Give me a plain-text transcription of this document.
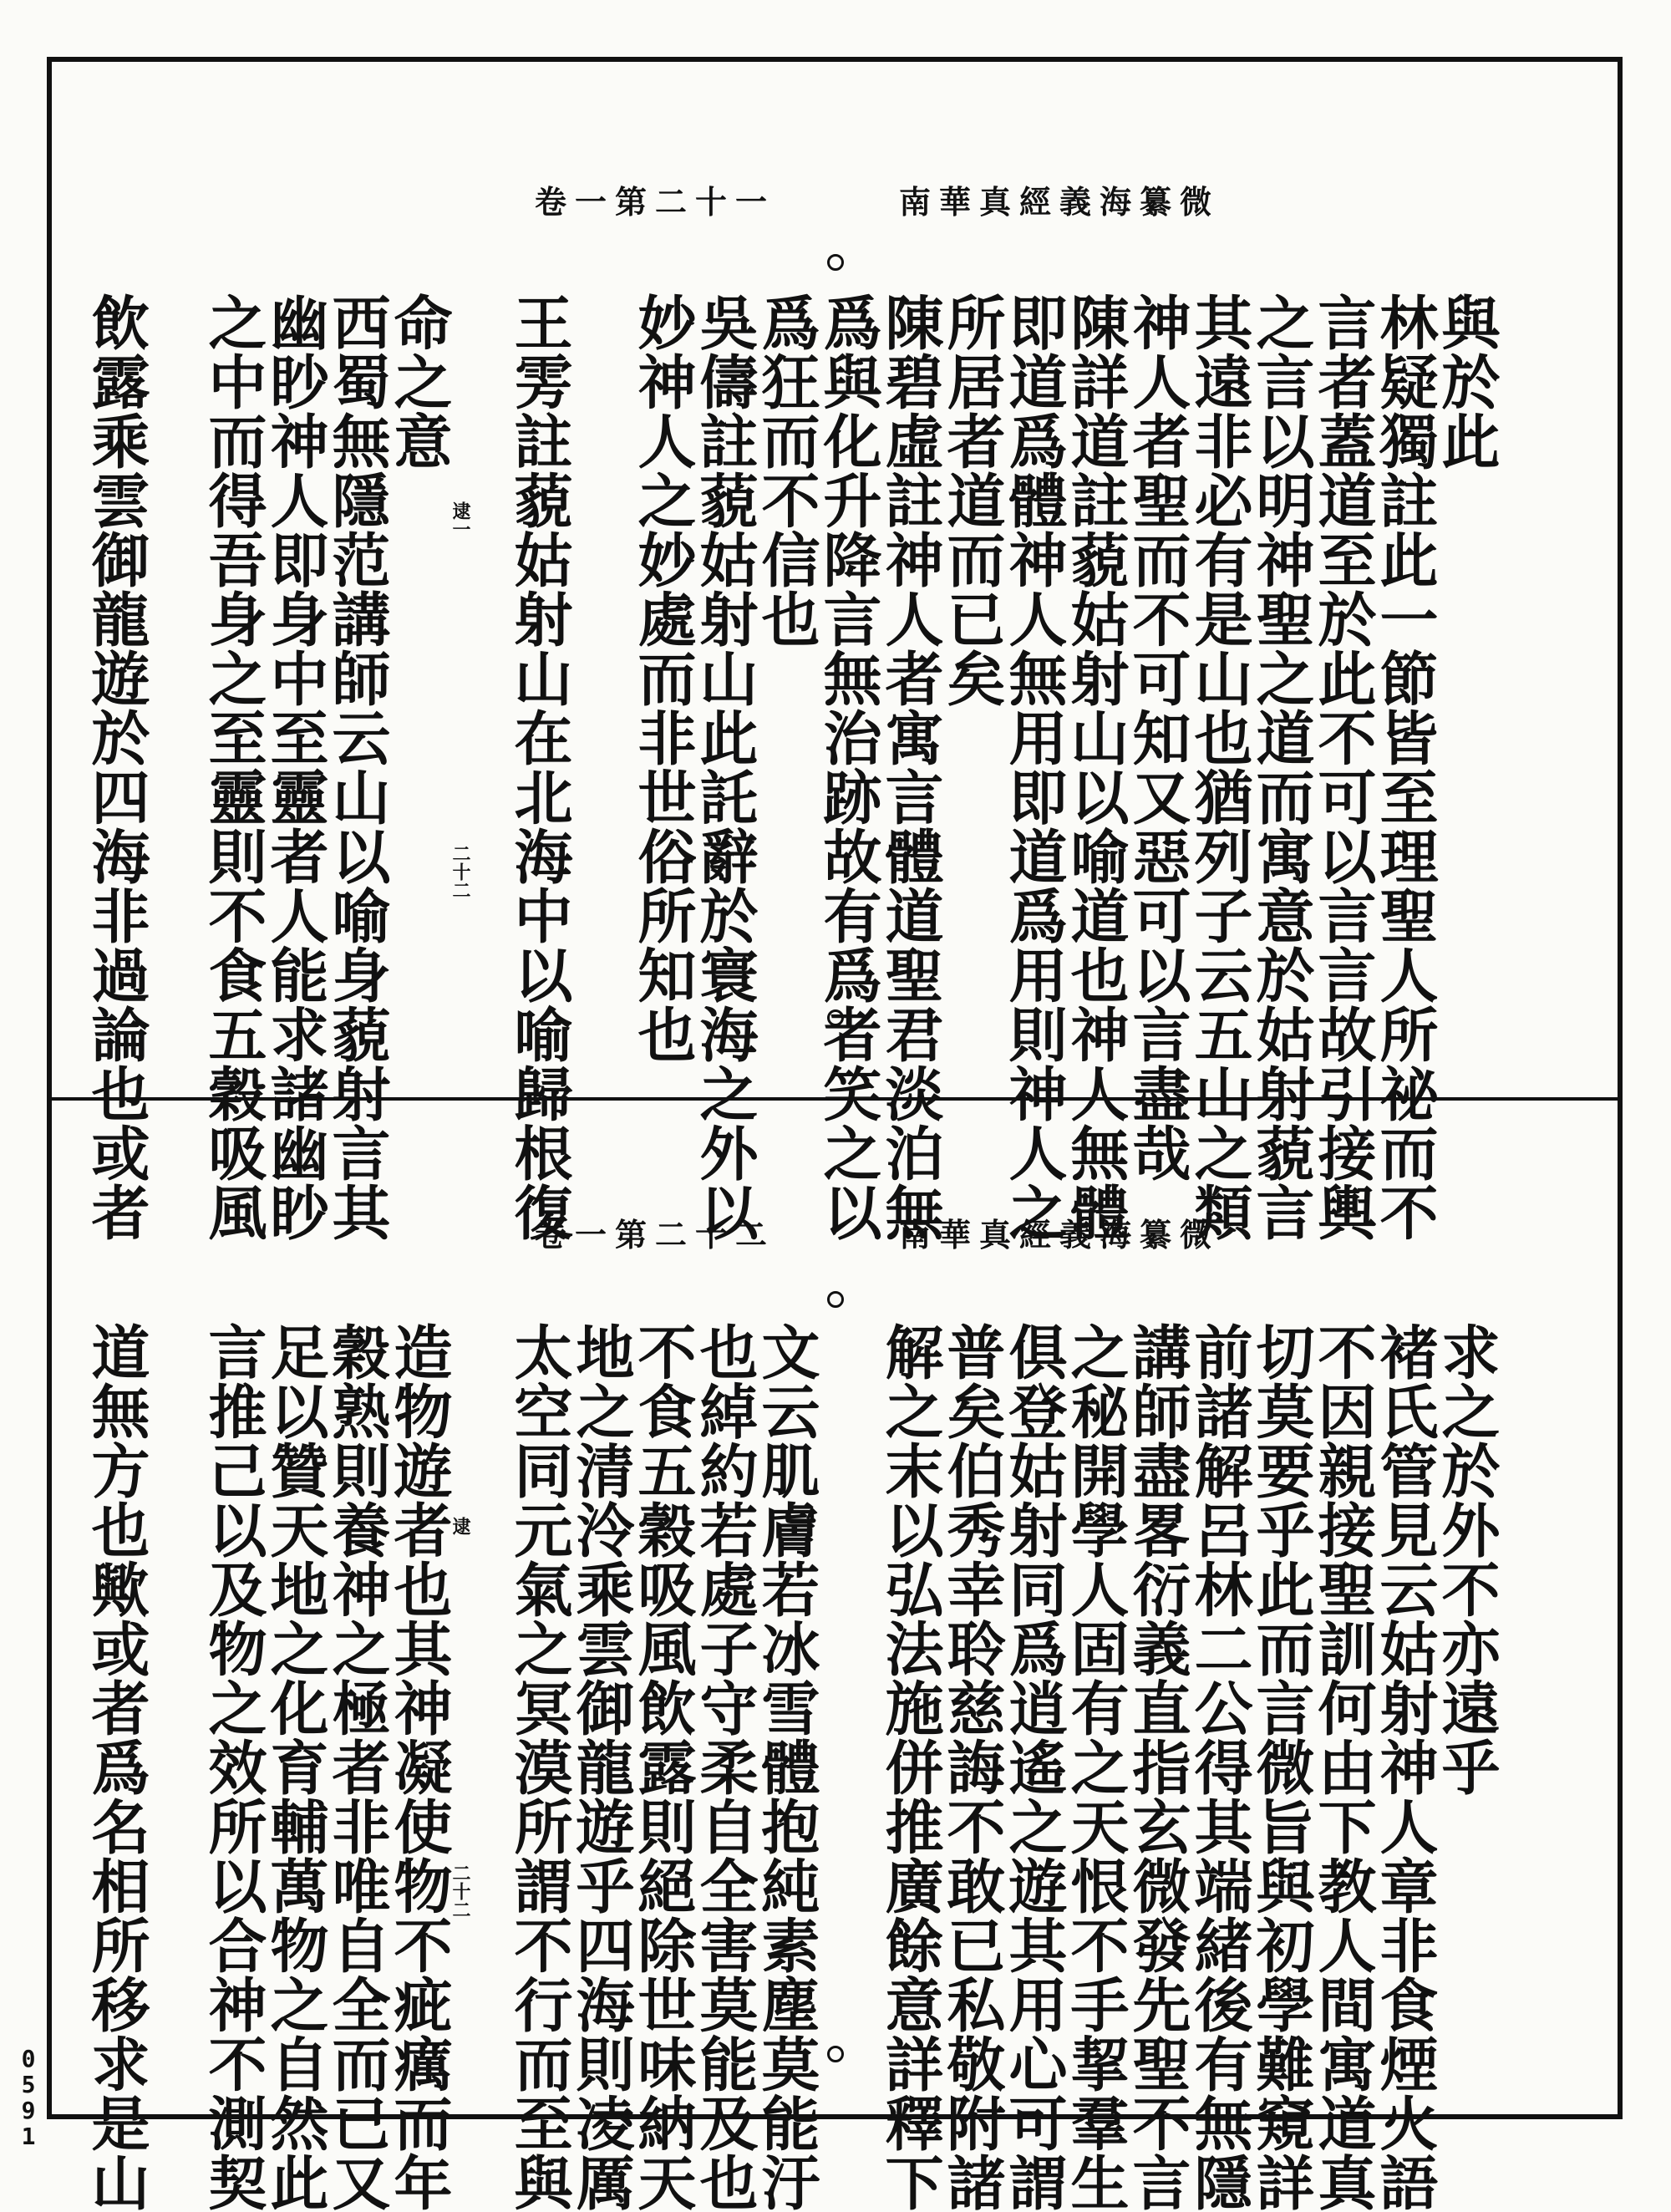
卷一第二十一	南華真經義海纂微
卷一第二十二	南華真經義海纂微
與於此
林疑獨註此一節皆至理聖人所祕而不
言者蓋道至於此不可以言言故引接輿
之言以明神聖之道而寓意於姑射藐言
其遠非必有是山也猶列子云五山之類
神人者聖而不可知又惡可以言盡哉
陳詳道註藐姑射山以喻道也神人無體
即道爲體神人無用即道爲用則神人之
所居者道而已矣
陳碧虛註神人者寓言體道聖君淡泊無
爲與化升降言無治跡故有爲者笑之以
爲狂而不信也
吳儔註藐姑射山此託辭於寰海之外以
妙神人之妙處而非世俗所知也
王雱註藐姑射山在北海中以喻歸根復
命之意
西蜀無隱范講師云山以喻身藐射言其
幽眇神人即身中至靈者人能求諸幽眇
之中而得吾身之至靈則不食五穀吸風
飲露乘雲御龍遊於四海非過論也或者	逮一
二十二
求之於外不亦遠乎
褚氏管見云姑射神人章非食煙火語
不因親接聖訓何由下教人間寓道真
切莫要乎此而言微旨與初學難窺詳
前諸解呂林二公得其端緒後有無隱
講師盡畧衍義直指玄微發先聖不言
之秘開學人固有之天恨不手挈羣生
俱登姑射同爲逍遙之遊其用心可謂
普矣伯秀幸聆慈誨不敢已私敬附諸
解之末以弘法施併推廣餘意詳釋下
文云肌膚若冰雪體抱純素塵莫能汙
也綽約若處子守柔自全害莫能及也
不食五穀吸風飲露則絕除世味納天
地之清泠乘雲御龍遊乎四海則凌厲
太空同元氣之冥漠所謂不行而至與
造物遊者也其神凝使物不疵癘而年
穀熟則養神之極者非唯自全而已又
足以贊天地之化育輔萬物之自然此
言推己以及物之效所以合神不測契
道無方也歟或者爲名相所移求是山	逮
二十二
0
5
9
1
